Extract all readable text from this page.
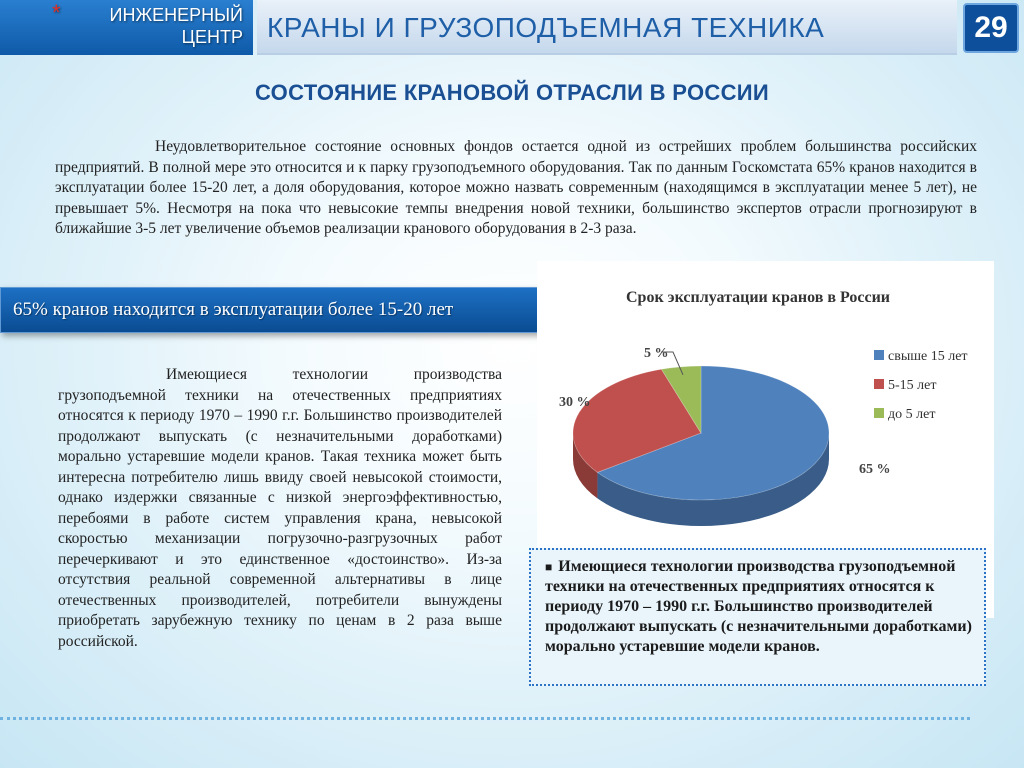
*	ИНЖЕНЕРНЫЙ
ЦЕНТР КРАНЫ И ГРУЗОПОДЪЕМНАЯ ТЕХНИКА	29
СОСТОЯНИЕ КРАНОВОЙ ОТРАСЛИ В РОССИИ

Неудовлетворительное состояние основных фондов остается одной из острейших проблем большинства российских предприятий. В полной мере это относится и к парку грузоподъемного оборудования. Так по данным Госкомстата 65% кранов находится в эксплуатации более 15-20 лет, а доля оборудования, которое можно назвать современным (находящимся в эксплуатации менее 5 лет), не превышает 5%. Несмотря на пока что невысокие темпы внедрения новой техники, большинство экспертов отрасли прогнозируют в ближайшие 3-5 лет увеличение объемов реализации кранового оборудования в 2-3 раза.

65% кранов находится в эксплуатации более 15-20 лет

Имеющиеся технологии производства грузоподъемной техники на отечественных предприятиях относятся к периоду 1970 – 1990 г.г. Большинство производителей продолжают выпускать (с незначительными доработками) морально устаревшие модели кранов. Такая техника может быть интересна потребителю лишь ввиду своей невысокой стоимости, однако издержки связанные с низкой энергоэффективностью, перебоями в работе систем управления крана, невысокой скоростью механизации погрузочно-разгрузочных работ перечеркивают и это единственное «достоинство». Из-за отсутствия реальной современной альтернативы в лице отечественных производителей, потребители вынуждены приобретать зарубежную технику по ценам в 2 раза выше российской.

Срок эксплуатации кранов в России
65 %
30 %
5 %	свыше 15 лет
5-15 лет
до 5 лет
■ Имеющиеся технологии производства грузоподъемной техники на отечественных предприятиях относятся к периоду 1970 – 1990 г.г. Большинство производителей продолжают выпускать (с незначительными доработками) морально устаревшие модели кранов.
